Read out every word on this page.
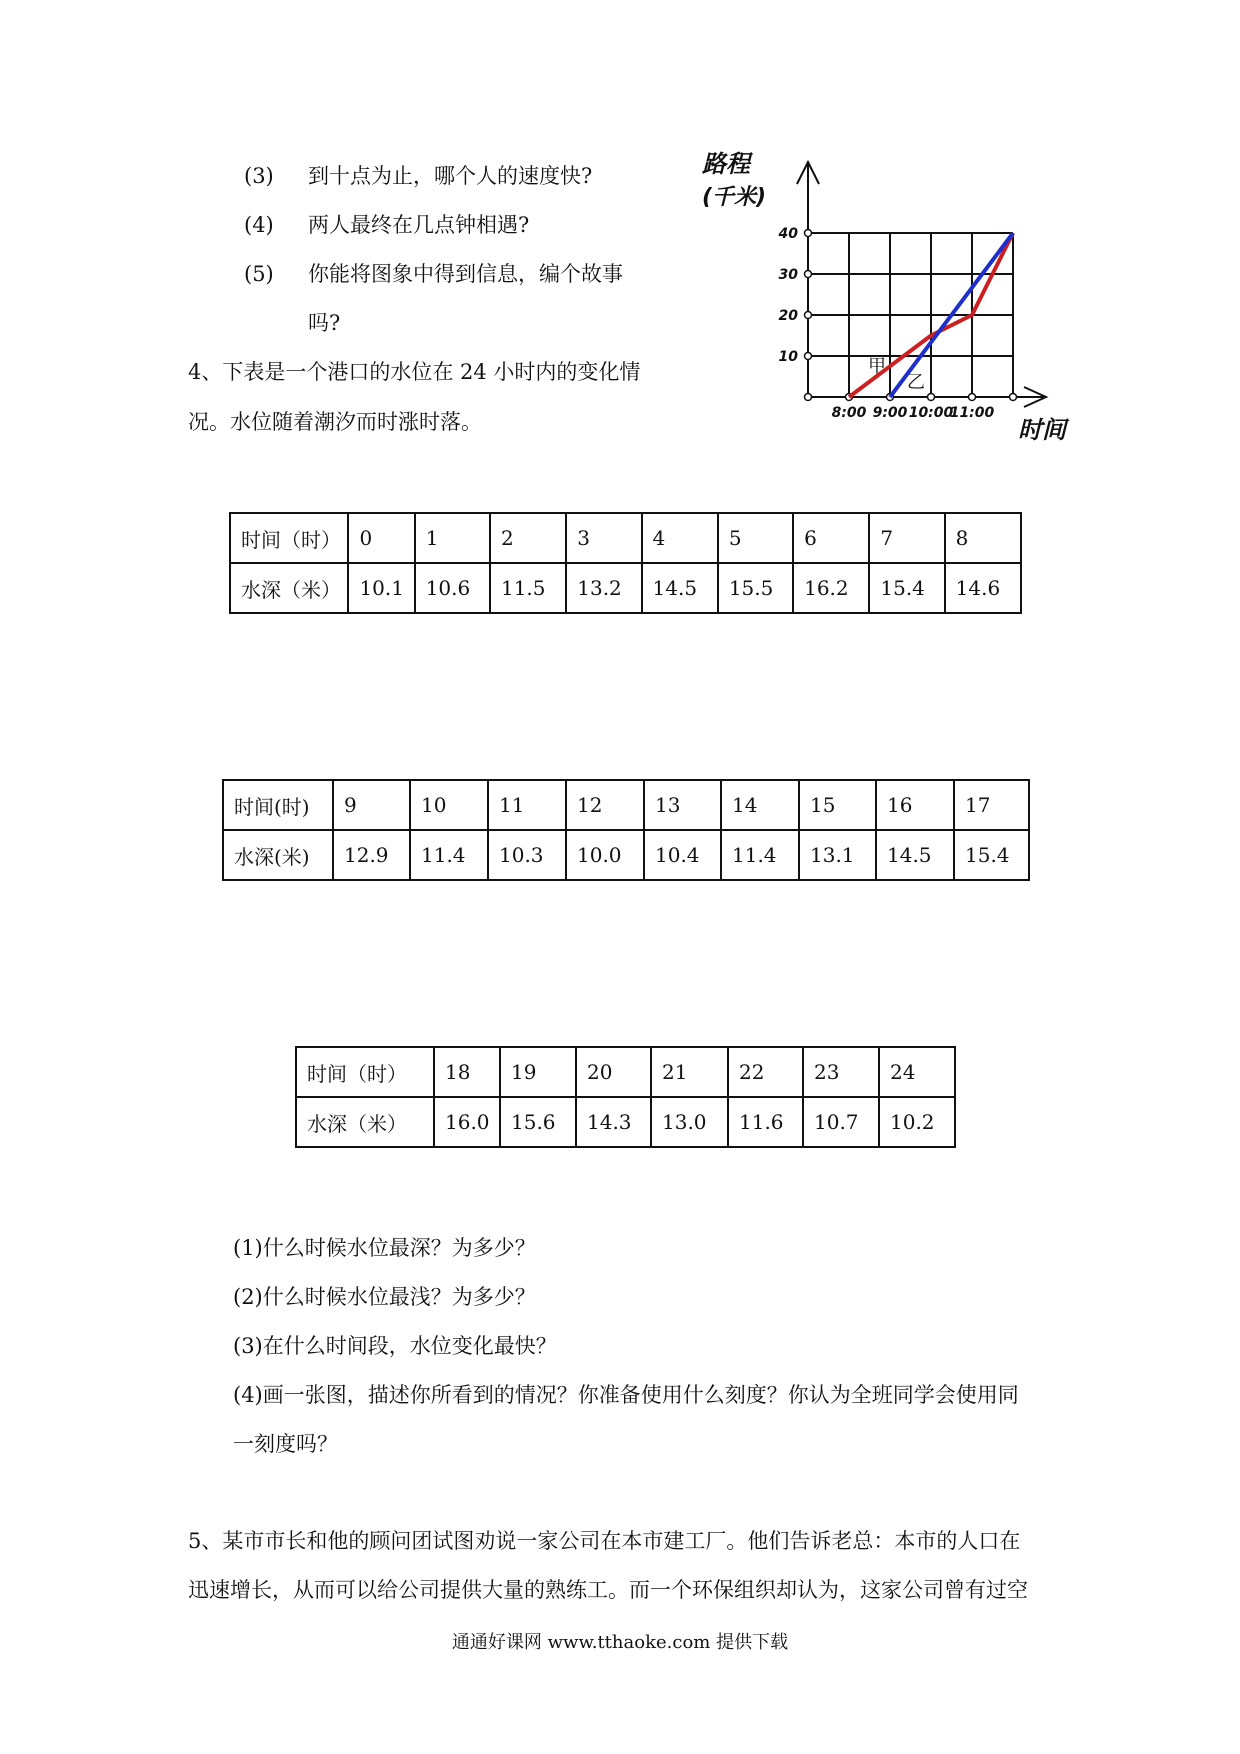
(3) 到十点为止，哪个人的速度快?
(4) 两人最终在几点钟相遇?
(5) 你能将图象中得到信息，编个故事
吗?
4、下表是一个港口的水位在 24 小时内的变化情
况。水位随着潮汐而时涨时落。
路程
(千米)
时间
10
20
30
40
8:00 9:00 10:00
11:00
甲
乙
时间（时）	0	1	2	3	4	5	6	7	8
水深（米）	10.1	10.6	11.5	13.2	14.5	15.5	16.2	15.4	14.6
时间(时)	9	10	11	12	13	14	15	16	17
水深(米)	12.9	11.4	10.3	10.0	10.4	11.4	13.1	14.5	15.4
时间（时）	18	19	20	21	22	23	24
水深（米）	16.0	15.6	14.3	13.0	11.6	10.7	10.2
(1)什么时候水位最深？为多少？
(2)什么时候水位最浅？为多少？
(3)在什么时间段，水位变化最快？
(4)画一张图，描述你所看到的情况？你准备使用什么刻度？你认为全班同学会使用同
一刻度吗？
5、某市市长和他的顾问团试图劝说一家公司在本市建工厂。他们告诉老总：本市的人口在
迅速增长，从而可以给公司提供大量的熟练工。而一个环保组织却认为，这家公司曾有过空
通通好课网 www.tthaoke.com 提供下载
